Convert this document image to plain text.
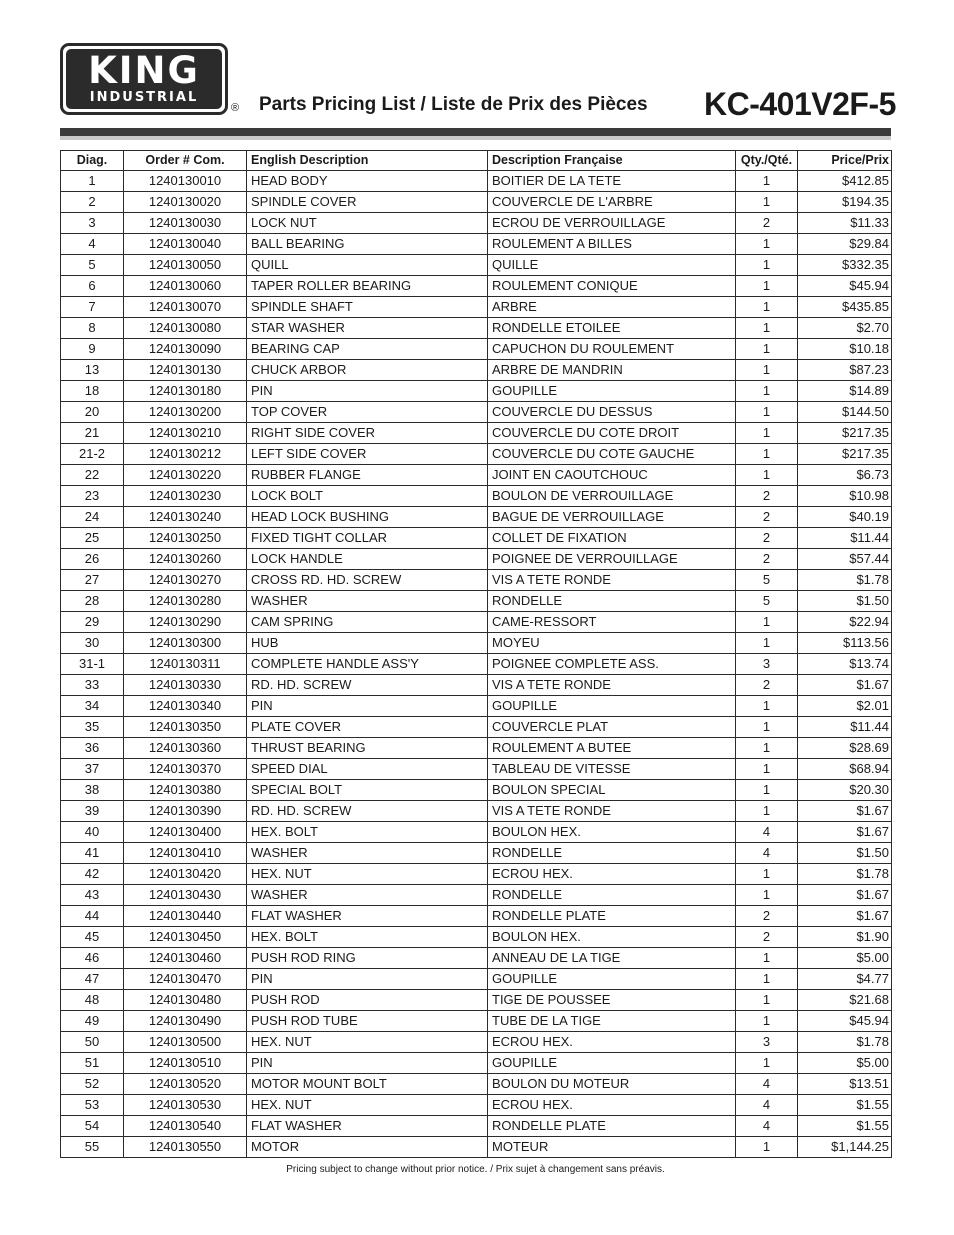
KING
INDUSTRIAL
® Parts Pricing List / Liste de Prix des Pièces KC-401V2F-5
Diag.	Order # Com.	English Description	Description Française	Qty./Qté.	Price/Prix
1	1240130010	HEAD BODY	BOITIER DE LA TETE	1	$412.85
2	1240130020	SPINDLE COVER	COUVERCLE DE L'ARBRE	1	$194.35
3	1240130030	LOCK NUT	ECROU DE VERROUILLAGE	2	$11.33
4	1240130040	BALL BEARING	ROULEMENT A BILLES	1	$29.84
5	1240130050	QUILL	QUILLE	1	$332.35
6	1240130060	TAPER ROLLER BEARING	ROULEMENT CONIQUE	1	$45.94
7	1240130070	SPINDLE SHAFT	ARBRE	1	$435.85
8	1240130080	STAR WASHER	RONDELLE ETOILEE	1	$2.70
9	1240130090	BEARING CAP	CAPUCHON DU ROULEMENT	1	$10.18
13	1240130130	CHUCK ARBOR	ARBRE DE MANDRIN	1	$87.23
18	1240130180	PIN	GOUPILLE	1	$14.89
20	1240130200	TOP COVER	COUVERCLE DU DESSUS	1	$144.50
21	1240130210	RIGHT SIDE COVER	COUVERCLE DU COTE DROIT	1	$217.35
21-2	1240130212	LEFT SIDE COVER	COUVERCLE DU COTE GAUCHE	1	$217.35
22	1240130220	RUBBER FLANGE	JOINT EN CAOUTCHOUC	1	$6.73
23	1240130230	LOCK BOLT	BOULON DE VERROUILLAGE	2	$10.98
24	1240130240	HEAD LOCK BUSHING	BAGUE DE VERROUILLAGE	2	$40.19
25	1240130250	FIXED TIGHT COLLAR	COLLET DE FIXATION	2	$11.44
26	1240130260	LOCK HANDLE	POIGNEE DE VERROUILLAGE	2	$57.44
27	1240130270	CROSS RD. HD. SCREW	VIS A TETE RONDE	5	$1.78
28	1240130280	WASHER	RONDELLE	5	$1.50
29	1240130290	CAM SPRING	CAME-RESSORT	1	$22.94
30	1240130300	HUB	MOYEU	1	$113.56
31-1	1240130311	COMPLETE HANDLE ASS'Y	POIGNEE COMPLETE ASS.	3	$13.74
33	1240130330	RD. HD. SCREW	VIS A TETE RONDE	2	$1.67
34	1240130340	PIN	GOUPILLE	1	$2.01
35	1240130350	PLATE COVER	COUVERCLE PLAT	1	$11.44
36	1240130360	THRUST BEARING	ROULEMENT A BUTEE	1	$28.69
37	1240130370	SPEED DIAL	TABLEAU DE VITESSE	1	$68.94
38	1240130380	SPECIAL BOLT	BOULON SPECIAL	1	$20.30
39	1240130390	RD. HD. SCREW	VIS A TETE RONDE	1	$1.67
40	1240130400	HEX. BOLT	BOULON HEX.	4	$1.67
41	1240130410	WASHER	RONDELLE	4	$1.50
42	1240130420	HEX. NUT	ECROU HEX.	1	$1.78
43	1240130430	WASHER	RONDELLE	1	$1.67
44	1240130440	FLAT WASHER	RONDELLE PLATE	2	$1.67
45	1240130450	HEX. BOLT	BOULON HEX.	2	$1.90
46	1240130460	PUSH ROD RING	ANNEAU DE LA TIGE	1	$5.00
47	1240130470	PIN	GOUPILLE	1	$4.77
48	1240130480	PUSH ROD	TIGE DE POUSSEE	1	$21.68
49	1240130490	PUSH ROD TUBE	TUBE DE LA TIGE	1	$45.94
50	1240130500	HEX. NUT	ECROU HEX.	3	$1.78
51	1240130510	PIN	GOUPILLE	1	$5.00
52	1240130520	MOTOR MOUNT BOLT	BOULON DU MOTEUR	4	$13.51
53	1240130530	HEX. NUT	ECROU HEX.	4	$1.55
54	1240130540	FLAT WASHER	RONDELLE PLATE	4	$1.55
55	1240130550	MOTOR	MOTEUR	1	$1,144.25
Pricing subject to change without prior notice. / Prix sujet à changement sans préavis.
